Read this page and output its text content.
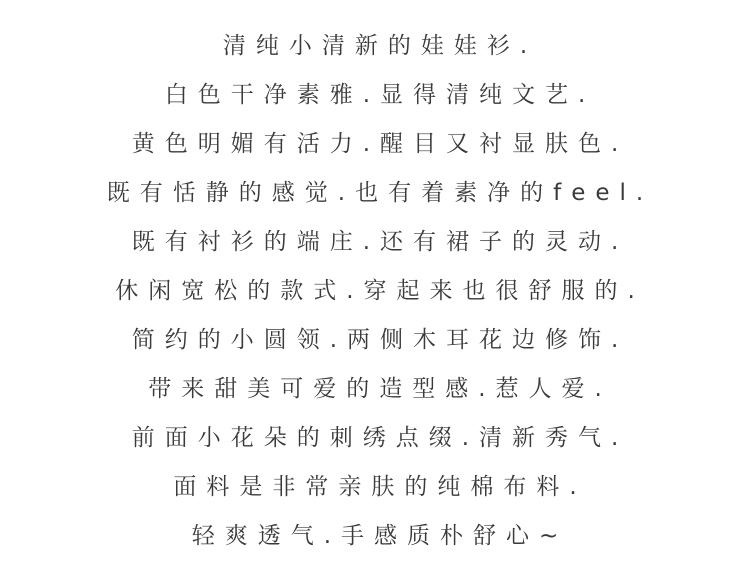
清纯小清新的娃娃衫.
白色干净素雅.显得清纯文艺.
黄色明媚有活力.醒目又衬显肤色.
既有恬静的感觉.也有着素净的feel.
既有衬衫的端庄.还有裙子的灵动.
休闲宽松的款式.穿起来也很舒服的.
简约的小圆领.两侧木耳花边修饰.
带来甜美可爱的造型感.惹人爱.
前面小花朵的刺绣点缀.清新秀气.
面料是非常亲肤的纯棉布料.
轻爽透气.手感质朴舒心~
